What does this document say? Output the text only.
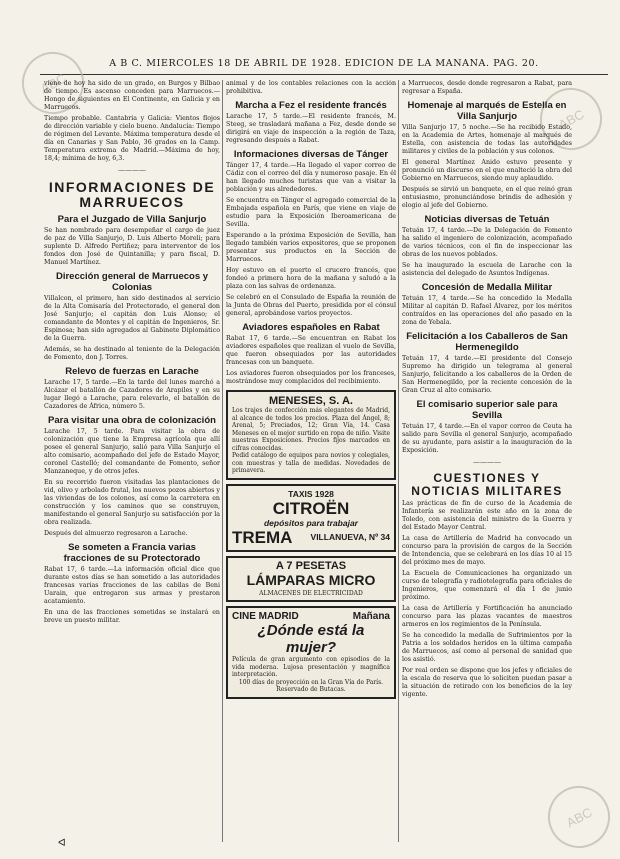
A B C. MIERCOLES 18 DE ABRIL DE 1928. EDICION DE LA MAÑANA. PAG. 20.
ABC
ABC
ABC

viene de hoy ha sido de un grado, en Burgos y Bilbao de tiempo. Es ascenso conceden para Marruecos.—Hongo de siguientes en El Continente, en Galicia y en Marruecos.

Tiempo probable. Cantabria y Galicia: Vientos flojos de dirección variable y cielo bueno. Andalucía: Tiempo de régimen del Levante. Máxima temperatura desde el día en Canarias y San Pablo, 36 grados en la Camp. Temperatura extrema de Madrid.—Máxima de hoy, 18,4; mínima de hoy, 6,3.

————
INFORMACIONES DE MARRUECOS
Para el Juzgado de Villa Sanjurjo

Se han nombrado para desempeñar el cargo de juez de paz de Villa Sanjurjo, D. Luis Alberto Moreli; para suplente D. Alfredo Pertiñez; para interventor de los fondos don José de Quintanilla; y para fiscal, D. Manuel Martínez.

Dirección general de Marruecos y Colonias

Villalcon, el primero, han sido destinados al servicio de la Alta Comisaría del Protectorado, el general don José Sanjurjo; el capitán don Luis Alonso; el comandante de Montes y el capitán de Ingenieros, Sr. Espinosa; han sido agregados al Gabinete Diplomático de la Guerra.

Además, se ha destinado al teniente de la Delegación de Fomento, don J. Torres.

Relevo de fuerzas en Larache

Larache 17, 5 tarde.—En la tarde del lunes marchó a Alcázar el batallón de Cazadores de Arapiles y en su lugar llegó a Larache, para relevarlo, el batallón de Cazadores de África, número 5.

Para visitar una obra de colonización

Larache 17, 5 tarde. Para visitar la obra de colonización que tiene la Empresa agrícola que allí posee el general Sanjurjo, salió para Villa Sanjurjo el alto comisario, acompañado del jefe de Estado Mayor, coronel Castelló; del comandante de Fomento, señor Manzaneque, y de otros jefes.

En su recorrido fueron visitadas las plantaciones de vid, olivo y arbolado frutal, los nuevos pozos abiertos y las viviendas de los colonos, así como la carretera en construcción y los caminos que se construyen, manifestando el general Sanjurjo su satisfacción por la obra realizada.

Después del almuerzo regresaron a Larache.

Se someten a Francia varias fracciones de su Protectorado

Rabat 17, 6 tarde.—La información oficial dice que durante estos días se han sometido a las autoridades francesas varias fracciones de las cabilas de Beni Uarain, que entregaron sus armas y prestaron acatamiento.

En una de las fracciones sometidas se instalará en breve un puesto militar.

ᐊ

animal y de los contables relaciones con la acción prohibitiva.

Marcha a Fez el residente francés

Larache 17, 5 tarde.—El residente francés, M. Steeg, se trasladará mañana a Fez, desde donde se dirigirá en viaje de inspección a la región de Taza, regresando después a Rabat.

Informaciones diversas de Tánger

Tánger 17, 4 tarde.—Ha llegado el vapor correo de Cádiz con el correo del día y numeroso pasaje. En él han llegado muchos turistas que van a visitar la población y sus alrededores.

Se encuentra en Tánger el agregado comercial de la Embajada española en París, que viene en viaje de estudio para la Exposición Iberoamericana de Sevilla.

Esperando a la próxima Exposición de Sevilla, han llegado también varios expositores, que se proponen presentar sus productos en la Sección de Marruecos.

Hoy estuvo en el puerto el crucero francés, que fondeó a primera hora de la mañana y saludó a la plaza con las salvas de ordenanza.

Se celebró en el Consulado de España la reunión de la Junta de Obras del Puerto, presidida por el cónsul general, aprobándose varios proyectos.

Aviadores españoles en Rabat

Rabat 17, 6 tarde.—Se encuentran en Rabat los aviadores españoles que realizan el vuelo de Sevilla, que fueron obsequiados por las autoridades francesas con un banquete.

Los aviadores fueron obsequiados por los franceses, mostrándose muy complacidos del recibimiento.

MENESES, S. A.
Los trajes de confección más elegantes de Madrid, al alcance de todos los precios. Plaza del Ángel, 8; Arenal, 5; Preciados, 12; Gran Vía, 14. Casa Meneses en el mejor surtido en ropa de niño. Visite nuestras Exposiciones. Precios fijos marcados en cifras conocidas.
Pedid catálogo de equipos para novios y colegiales, con muestras y talla de medidas. Novedades de primavera.
TAXIS 1928
CITROËN
depósitos para trabajar
TREMA VILLANUEVA, Nº 34
A 7 PESETAS
LÁMPARAS MICRO
ALMACENES DE ELECTRICIDAD
CINE MADRID	Mañana
¿Dónde está la mujer?
Película de gran argumento con episodios de la vida moderna. Lujosa presentación y magnífica interpretación.
100 días de proyección en la Gran Vía de París. Reservado de Butacas.

a Marruecos, desde donde regresaron a Rabat, para regresar a España.

Homenaje al marqués de Estella en Villa Sanjurjo

Villa Sanjurjo 17, 5 noche.—Se ha recibido Estado, en la Academia de Artes, homenaje al marqués de Estella, con asistencia de todas las autoridades militares y civiles de la población y sus colonos.

El general Martínez Anido estuvo presente y pronunció un discurso en el que enalteció la obra del Gobierno en Marruecos, siendo muy aplaudido.

Después se sirvió un banquete, en el que reinó gran entusiasmo, pronunciándose brindis de adhesión y elogio al jefe del Gobierno.

Noticias diversas de Tetuán

Tetuán 17, 4 tarde.—De la Delegación de Fomento ha salido el ingeniero de colonización, acompañado de varios técnicos, con el fin de inspeccionar las obras de los nuevos poblados.

Se ha inaugurado la escuela de Larache con la asistencia del delegado de Asuntos Indígenas.

Concesión de Medalla Militar

Tetuán 17, 4 tarde.—Se ha concedido la Medalla Militar al capitán D. Rafael Álvarez, por los méritos contraídos en las operaciones del año pasado en la zona de Yebala.

Felicitación a los Caballeros de San Hermenegildo

Tetuán 17, 4 tarde.—El presidente del Consejo Supremo ha dirigido un telegrama al general Sanjurjo, felicitando a los caballeros de la Orden de San Hermenegildo, por la reciente concesión de la Gran Cruz al alto comisario.

El comisario superior sale para Sevilla

Tetuán 17, 4 tarde.—En el vapor correo de Ceuta ha salido para Sevilla el general Sanjurjo, acompañado de su ayudante, para asistir a la inauguración de la Exposición.

————
CUESTIONES Y NOTICIAS MILITARES

Las prácticas de fin de curso de la Academia de Infantería se realizarán este año en la zona de Toledo, con asistencia del ministro de la Guerra y del Estado Mayor Central.

La casa de Artillería de Madrid ha convocado un concurso para la provisión de cargos de la Sección de Intendencia, que se celebrará en los días 10 al 15 del próximo mes de mayo.

La Escuela de Comunicaciones ha organizado un curso de telegrafía y radiotelegrafía para oficiales de Ingenieros, que comenzará el día 1 de junio próximo.

La casa de Artillería y Fortificación ha anunciado concurso para las plazas vacantes de maestros armeros en los regimientos de la Península.

Se ha concedido la medalla de Sufrimientos por la Patria a los soldados heridos en la última campaña de Marruecos, así como al personal de sanidad que los asistió.

Por real orden se dispone que los jefes y oficiales de la escala de reserva que lo soliciten puedan pasar a la situación de retirado con los beneficios de la ley vigente.
